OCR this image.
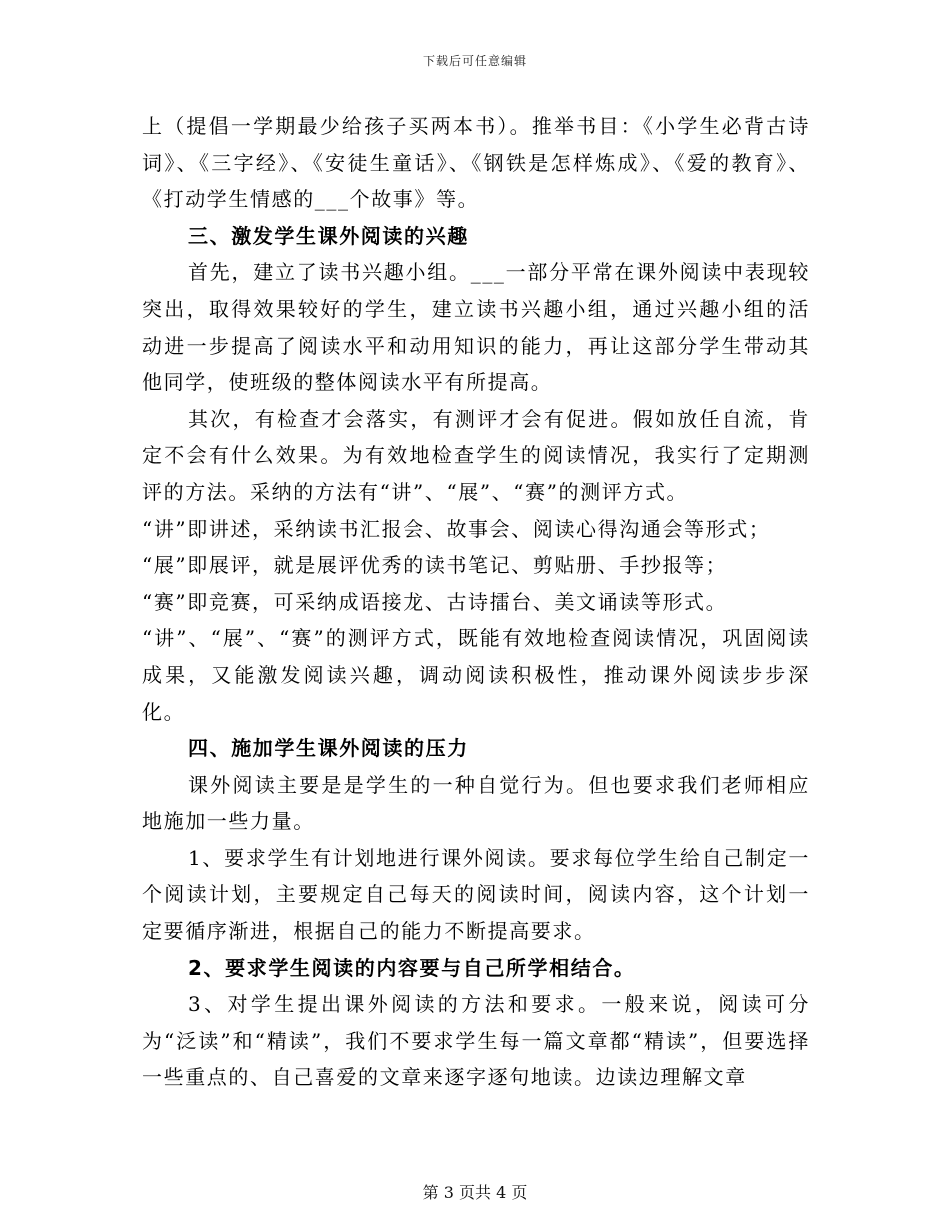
下载后可任意编辑

上（提倡一学期最少给孩子买两本书）。推举书目：《小学生必背古诗词》、《三字经》、《安徒生童话》、《钢铁是怎样炼成》、《爱的教育》、《打动学生情感的___个故事》等。

三、激发学生课外阅读的兴趣

首先，建立了读书兴趣小组。___一部分平常在课外阅读中表现较突出，取得效果较好的学生，建立读书兴趣小组，通过兴趣小组的活动进一步提高了阅读水平和动用知识的能力，再让这部分学生带动其他同学，使班级的整体阅读水平有所提高。

其次，有检查才会落实，有测评才会有促进。假如放任自流，肯定不会有什么效果。为有效地检查学生的阅读情况，我实行了定期测评的方法。采纳的方法有“讲”、“展”、“赛”的测评方式。

“讲”即讲述，采纳读书汇报会、故事会、阅读心得沟通会等形式；

“展”即展评，就是展评优秀的读书笔记、剪贴册、手抄报等；

“赛”即竞赛，可采纳成语接龙、古诗擂台、美文诵读等形式。

“讲”、“展”、“赛”的测评方式，既能有效地检查阅读情况，巩固阅读成果，又能激发阅读兴趣，调动阅读积极性，推动课外阅读步步深化。

四、施加学生课外阅读的压力

课外阅读主要是是学生的一种自觉行为。但也要求我们老师相应地施加一些力量。

1、要求学生有计划地进行课外阅读。要求每位学生给自己制定一个阅读计划，主要规定自己每天的阅读时间，阅读内容，这个计划一定要循序渐进，根据自己的能力不断提高要求。

2、要求学生阅读的内容要与自己所学相结合。

3、对学生提出课外阅读的方法和要求。一般来说，阅读可分为“泛读”和“精读”，我们不要求学生每一篇文章都“精读”，但要选择一些重点的、自己喜爱的文章来逐字逐句地读。边读边理解文章

第 3 页共 4 页
